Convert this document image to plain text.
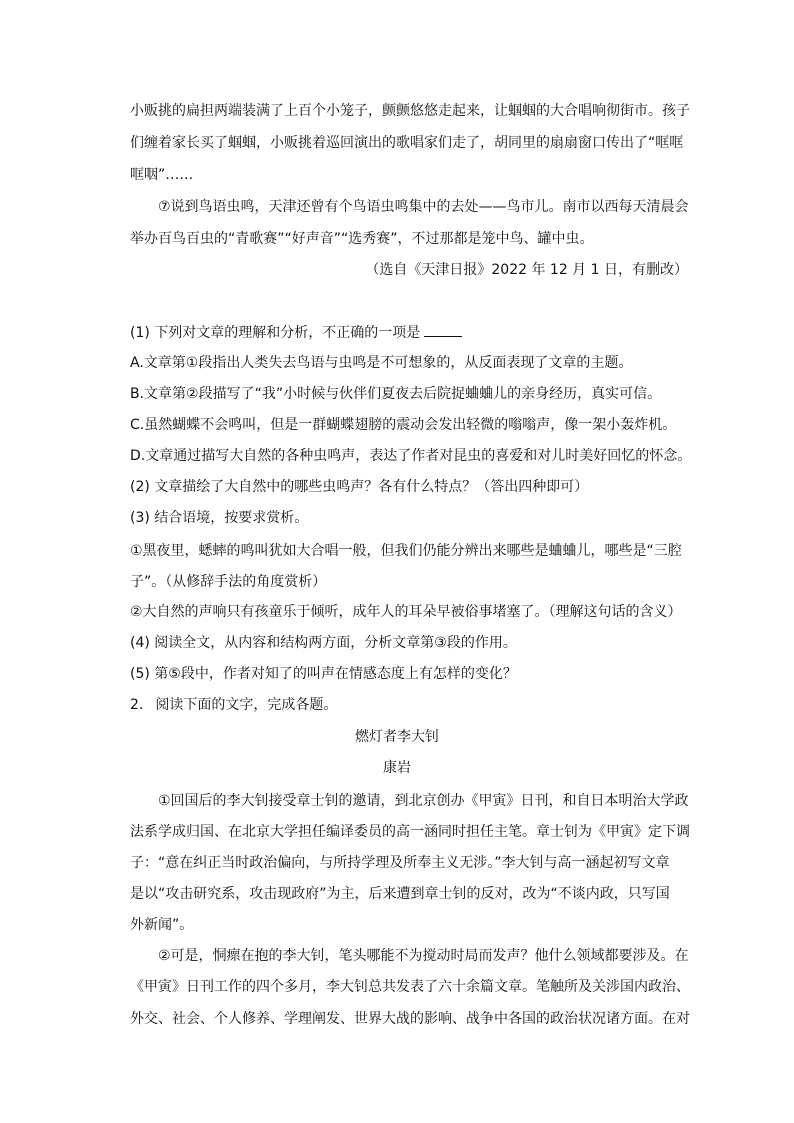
小贩挑的扁担两端装满了上百个小笼子，颤颤悠悠走起来，让蝈蝈的大合唱响彻街市。孩子
们缠着家长买了蝈蝈，小贩挑着巡回演出的歌唱家们走了，胡同里的扇扇窗口传出了“哐哐
哐咽”……
⑦说到鸟语虫鸣，天津还曾有个鸟语虫鸣集中的去处——鸟市儿。南市以西每天清晨会
举办百鸟百虫的“青歌赛”“好声音”“选秀赛”，不过那都是笼中鸟、罐中虫。
（选自《天津日报》2022 年 12 月 1 日，有删改）
(1) 下列对文章的理解和分析，不正确的一项是
A.文章第①段指出人类失去鸟语与虫鸣是不可想象的，从反面表现了文章的主题。
B.文章第②段描写了“我”小时候与伙伴们夏夜去后院捉蛐蛐儿的亲身经历，真实可信。
C.虽然蝴蝶不会鸣叫，但是一群蝴蝶翅膀的震动会发出轻微的嗡嗡声，像一架小轰炸机。
D.文章通过描写大自然的各种虫鸣声，表达了作者对昆虫的喜爱和对儿时美好回忆的怀念。
(2) 文章描绘了大自然中的哪些虫鸣声？各有什么特点？（答出四种即可）
(3) 结合语境，按要求赏析。
①黑夜里，蟋蟀的鸣叫犹如大合唱一般，但我们仍能分辨出来哪些是蛐蛐儿，哪些是“三腔
子”。（从修辞手法的角度赏析）
②大自然的声响只有孩童乐于倾听，成年人的耳朵早被俗事堵塞了。（理解这句话的含义）
(4) 阅读全文，从内容和结构两方面，分析文章第③段的作用。
(5) 第⑤段中，作者对知了的叫声在情感态度上有怎样的变化？
2. 阅读下面的文字，完成各题。
燃灯者李大钊
康岩
①回国后的李大钊接受章士钊的邀请，到北京创办《甲寅》日刊，和自日本明治大学政
法系学成归国、在北京大学担任编译委员的高一涵同时担任主笔。章士钊为《甲寅》定下调
子：“意在纠正当时政治偏向，与所持学理及所奉主义无涉。”李大钊与高一涵起初写文章
是以“攻击研究系，攻击现政府”为主，后来遭到章士钊的反对，改为“不谈内政，只写国
外新闻”。
②可是，恫瘝在抱的李大钊，笔头哪能不为搅动时局而发声？他什么领域都要涉及。在
《甲寅》日刊工作的四个多月，李大钊总共发表了六十余篇文章。笔触所及关涉国内政治、
外交、社会、个人修养、学理阐发、世界大战的影响、战争中各国的政治状况诸方面。在对
